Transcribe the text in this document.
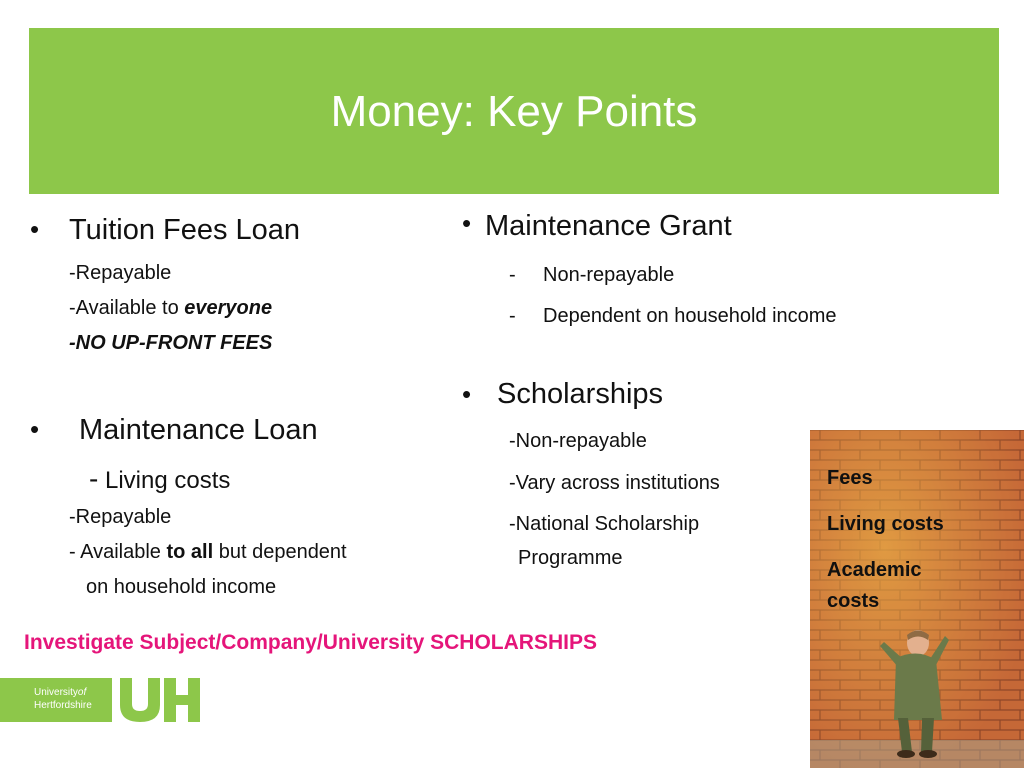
Money: Key Points
• Tuition Fees Loan
-Repayable
-Available to everyone
-NO UP-FRONT FEES
• Maintenance Loan
- Living costs
-Repayable
- Available to all but dependent
on household income
• Maintenance Grant
- Non-repayable
- Dependent on household income
• Scholarships
-Non-repayable
-Vary across institutions
-National Scholarship
Programme
Fees
Living costs
Academic
costs
Investigate Subject/Company/University SCHOLARSHIPS
Universityof
Hertfordshire
